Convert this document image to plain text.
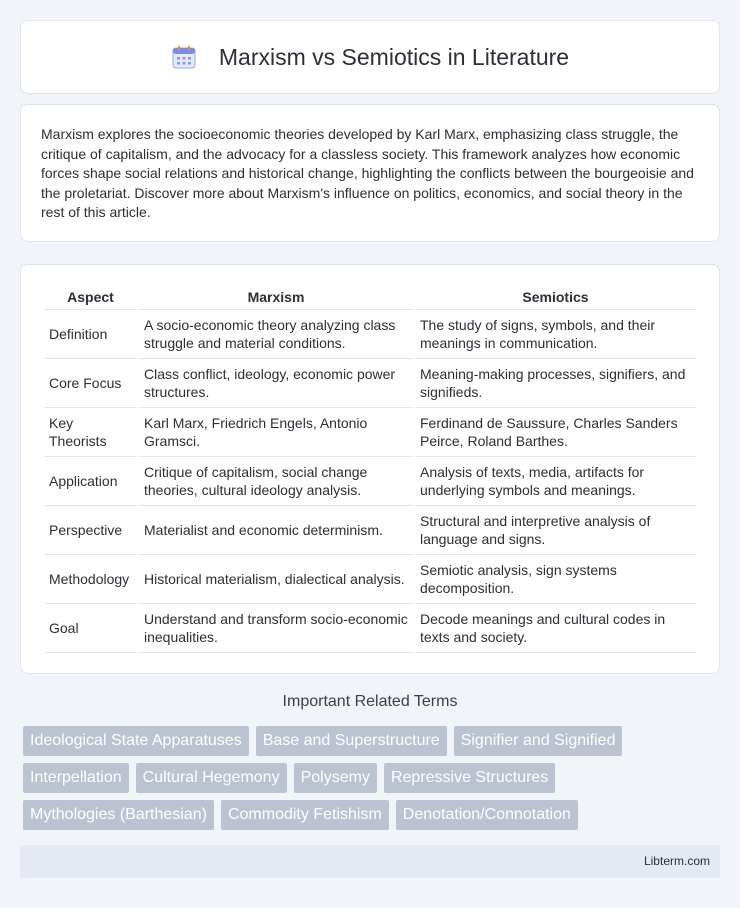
Marxism vs Semiotics in Literature

Marxism explores the socioeconomic theories developed by Karl Marx, emphasizing class struggle, the critique of capitalism, and the advocacy for a classless society. This framework analyzes how economic forces shape social relations and historical change, highlighting the conflicts between the bourgeoisie and the proletariat. Discover more about Marxism's influence on politics, economics, and social theory in the rest of this article.

Aspect	Marxism	Semiotics
Definition	A socio-economic theory analyzing class struggle and material conditions.	The study of signs, symbols, and their meanings in communication.
Core Focus	Class conflict, ideology, economic power structures.	Meaning-making processes, signifiers, and signifieds.
Key Theorists	Karl Marx, Friedrich Engels, Antonio Gramsci.	Ferdinand de Saussure, Charles Sanders Peirce, Roland Barthes.
Application	Critique of capitalism, social change theories, cultural ideology analysis.	Analysis of texts, media, artifacts for underlying symbols and meanings.
Perspective	Materialist and economic determinism.	Structural and interpretive analysis of language and signs.
Methodology	Historical materialism, dialectical analysis.	Semiotic analysis, sign systems decomposition.
Goal	Understand and transform socio-economic inequalities.	Decode meanings and cultural codes in texts and society.
Important Related Terms
Ideological State Apparatuses	Base and Superstructure	Signifier and Signified
Interpellation	Cultural Hegemony	Polysemy	Repressive Structures
Mythologies (Barthesian)	Commodity Fetishism	Denotation/Connotation
Libterm.com
